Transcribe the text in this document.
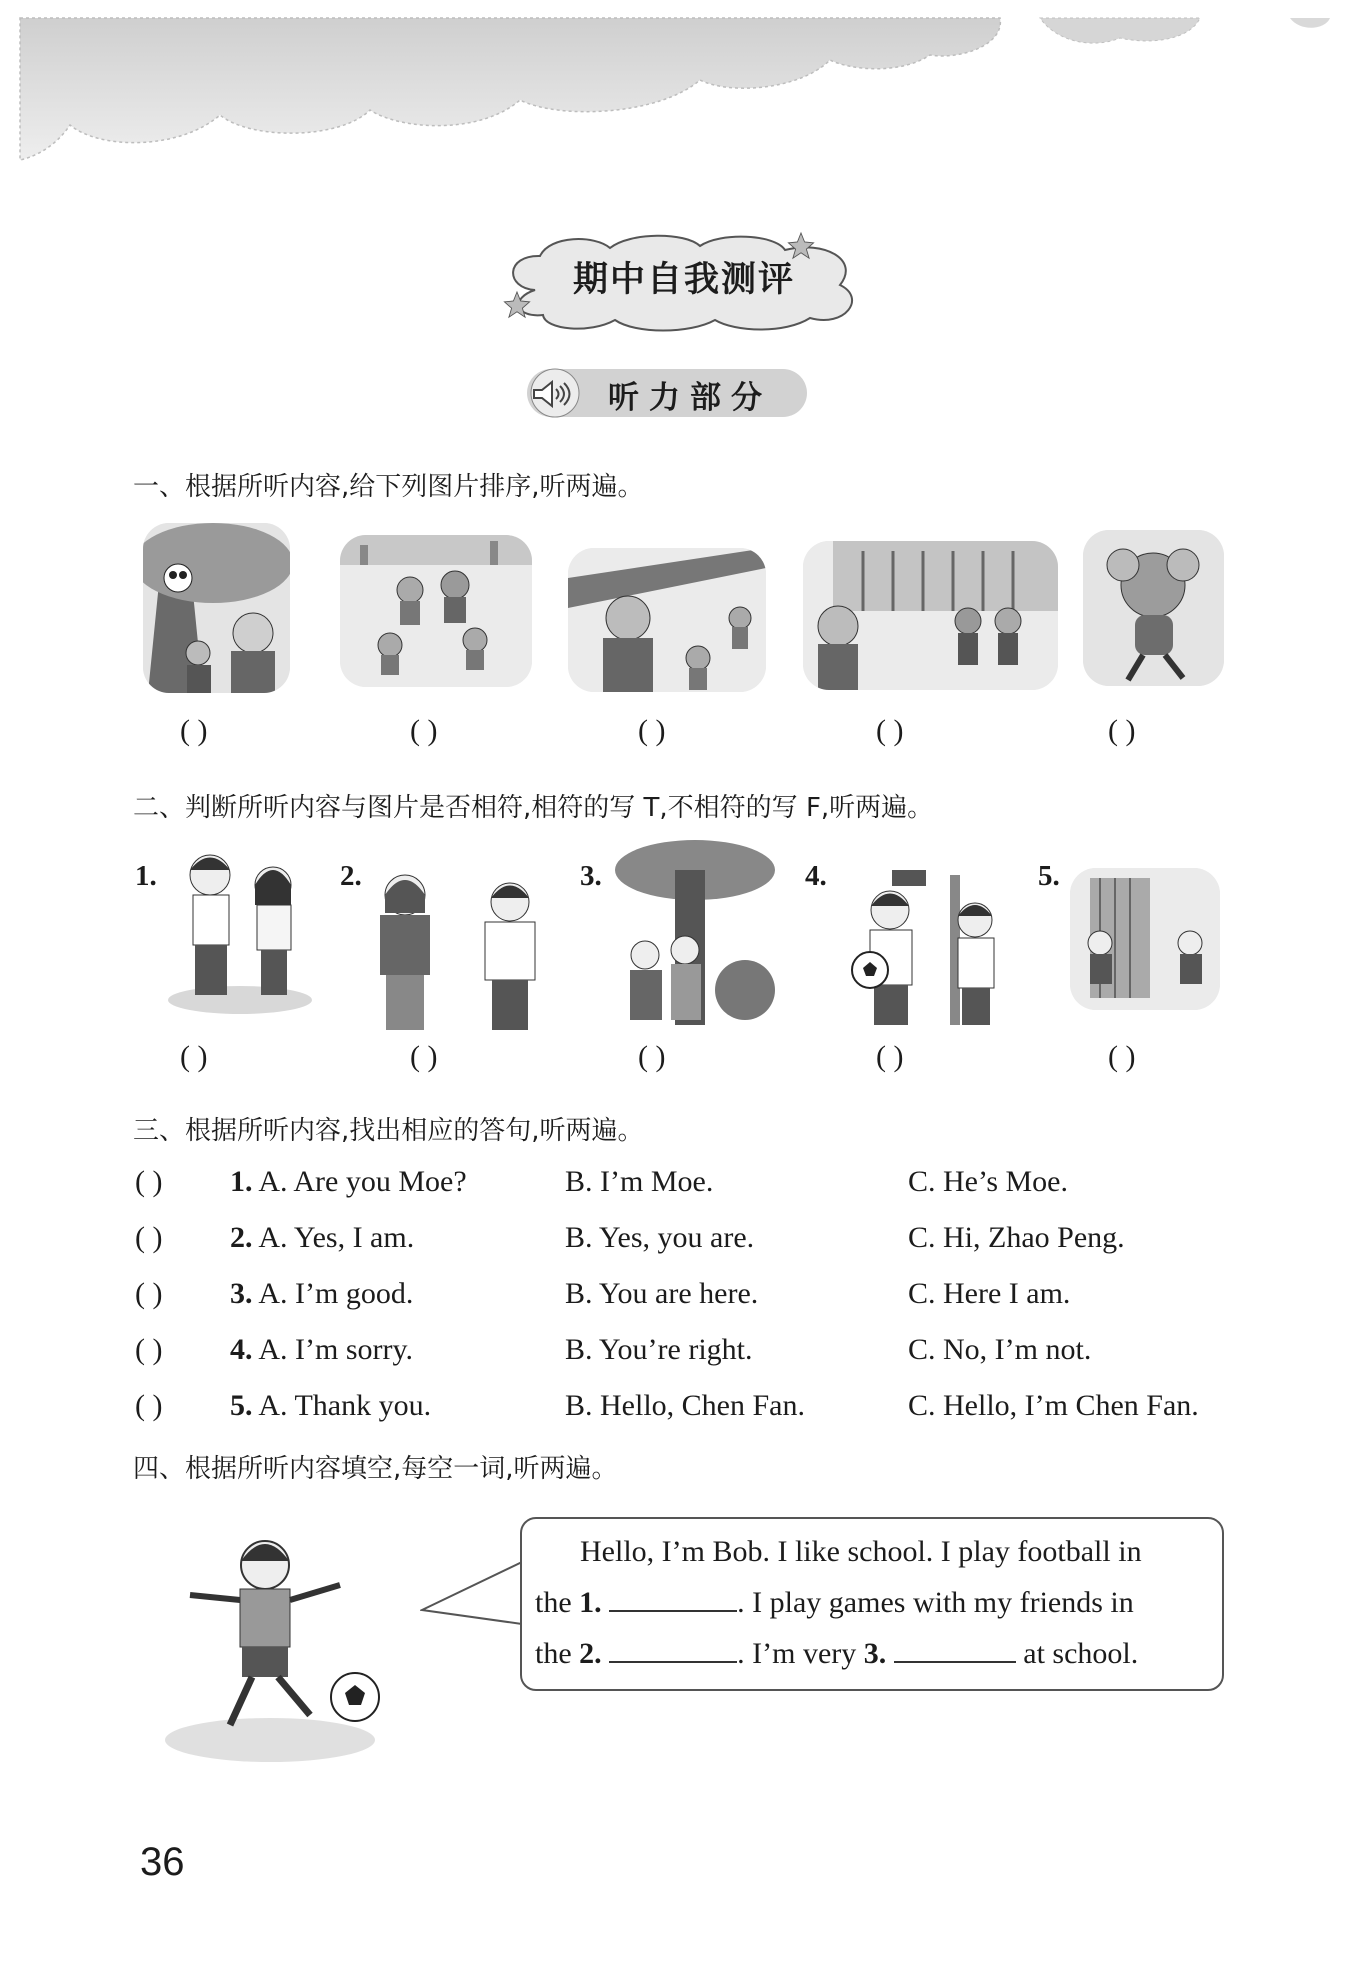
期中自我测评
听力部分
一、根据所听内容,给下列图片排序,听两遍。
( )	( )	( )	( )	( )
二、判断所听内容与图片是否相符,相符的写 T,不相符的写 F,听两遍。
1.	2.	3.	4.	5.
( )	( )	( )	( )	( )
三、根据所听内容,找出相应的答句,听两遍。
( ) 1. A. Are you Moe?	B. I’m Moe.	C. He’s Moe.
( ) 2. A. Yes, I am.	B. Yes, you are.	C. Hi, Zhao Peng.
( ) 3. A. I’m good.	B. You are here.	C. Here I am.
( ) 4. A. I’m sorry.	B. You’re right.	C. No, I’m not.
( ) 5. A. Thank you.	B. Hello, Chen Fan.	C. Hello, I’m Chen Fan.
四、根据所听内容填空,每空一词,听两遍。
Hello, I’m Bob. I like school. I play football in
the 1.	. I play games with my friends in
the 2.	. I’m very 3.	at school.
36
